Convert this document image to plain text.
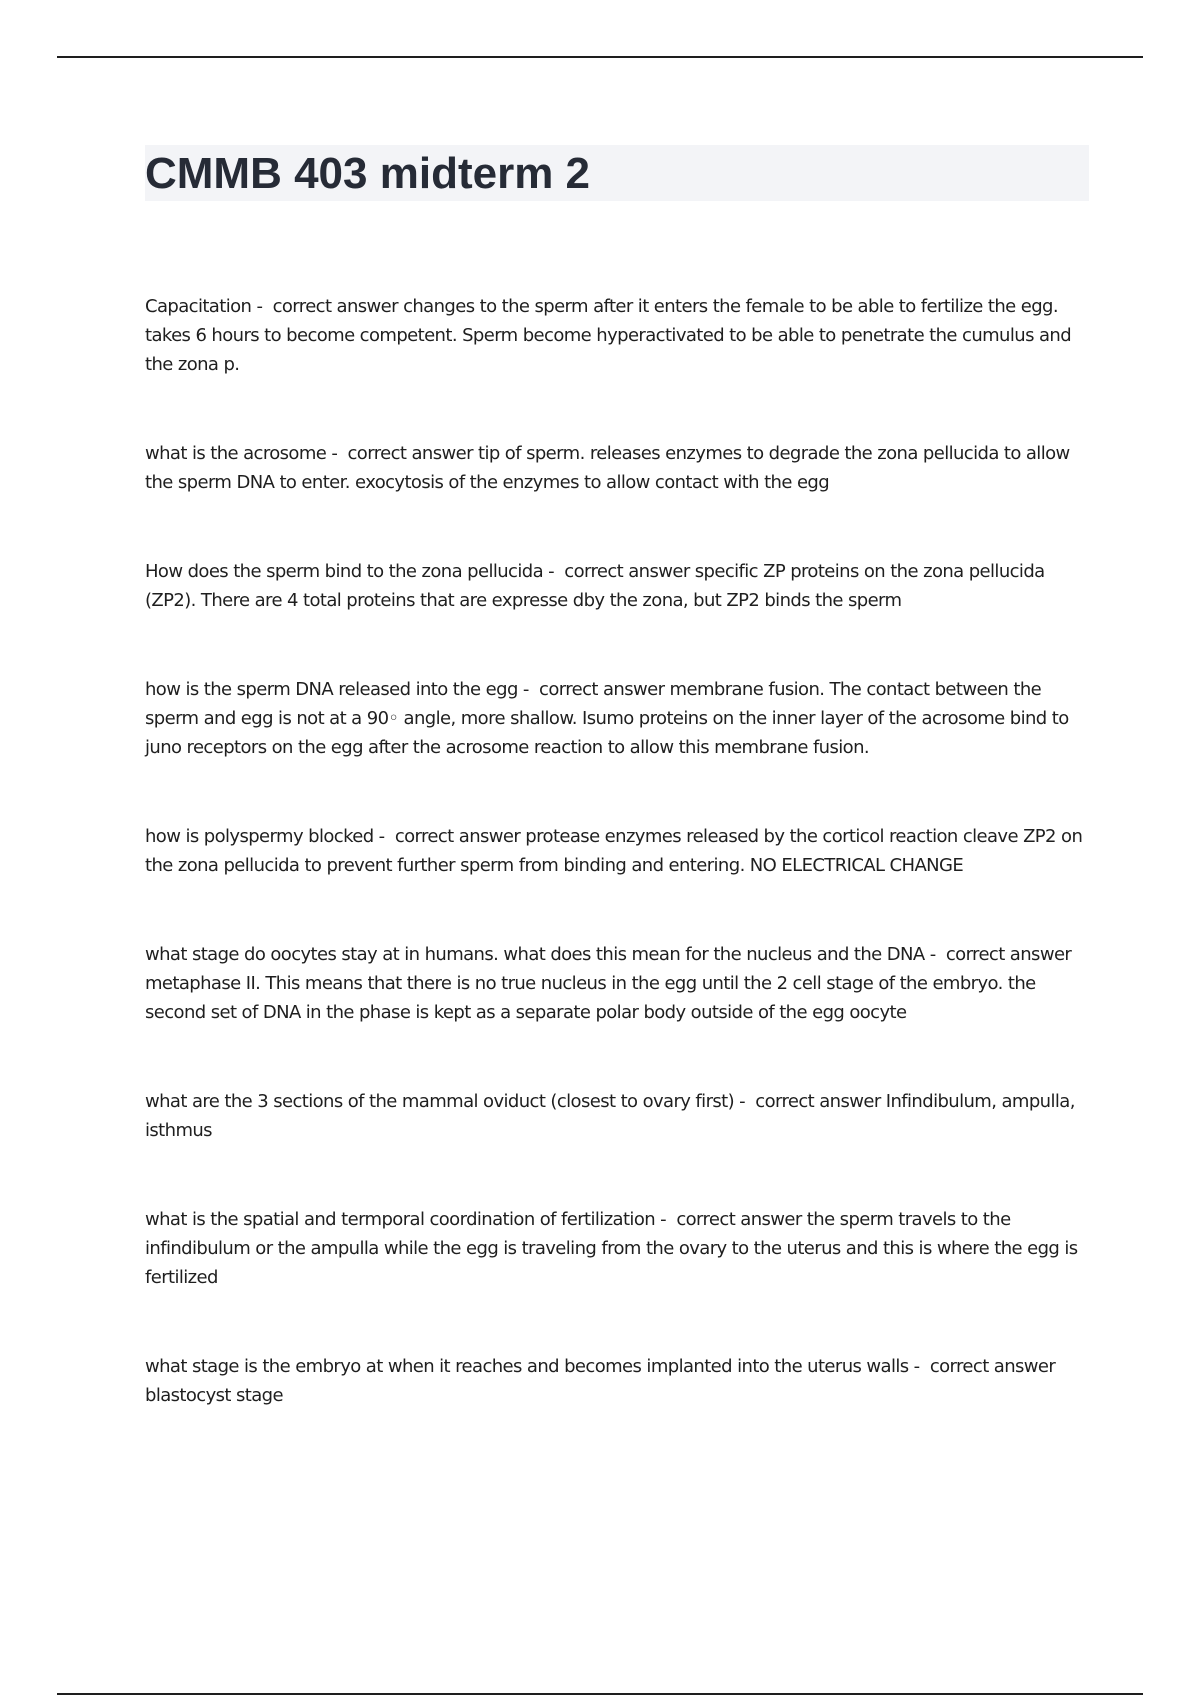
CMMB 403 midterm 2
Capacitation -  correct answer changes to the sperm after it enters the female to be able to fertilize the egg. takes 6 hours to become competent. Sperm become hyperactivated to be able to penetrate the cumulus and the zona p.
what is the acrosome -  correct answer tip of sperm. releases enzymes to degrade the zona pellucida to allow the sperm DNA to enter. exocytosis of the enzymes to allow contact with the egg
How does the sperm bind to the zona pellucida -  correct answer specific ZP proteins on the zona pellucida (ZP2). There are 4 total proteins that are expresse dby the zona, but ZP2 binds the sperm
how is the sperm DNA released into the egg -  correct answer membrane fusion. The contact between the sperm and egg is not at a 90◦ angle, more shallow. Isumo proteins on the inner layer of the acrosome bind to juno receptors on the egg after the acrosome reaction to allow this membrane fusion.
how is polyspermy blocked -  correct answer protease enzymes released by the corticol reaction cleave ZP2 on the zona pellucida to prevent further sperm from binding and entering. NO ELECTRICAL CHANGE
what stage do oocytes stay at in humans. what does this mean for the nucleus and the DNA -  correct answer metaphase II. This means that there is no true nucleus in the egg until the 2 cell stage of the embryo. the second set of DNA in the phase is kept as a separate polar body outside of the egg oocyte
what are the 3 sections of the mammal oviduct (closest to ovary first) -  correct answer Infindibulum, ampulla, isthmus
what is the spatial and termporal coordination of fertilization -  correct answer the sperm travels to the infindibulum or the ampulla while the egg is traveling from the ovary to the uterus and this is where the egg is fertilized
what stage is the embryo at when it reaches and becomes implanted into the uterus walls -  correct answer blastocyst stage
